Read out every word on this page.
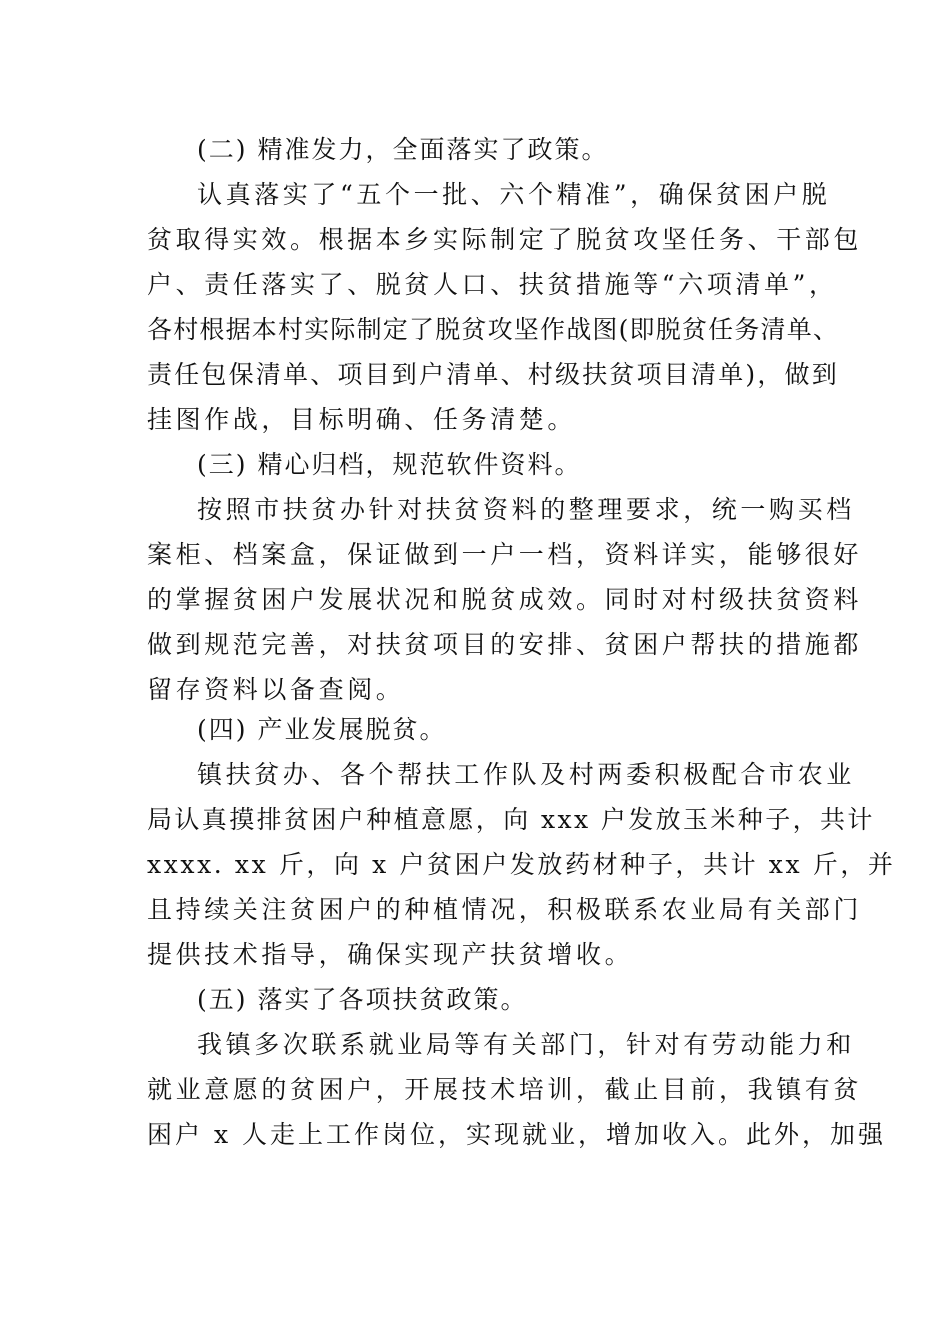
(二) 精准发力，全面落实了政策。
认真落实了“五个一批、六个精准”，确保贫困户脱
贫取得实效。根据本乡实际制定了脱贫攻坚任务、干部包
户、责任落实了、脱贫人口、扶贫措施等“六项清单”，
各村根据本村实际制定了脱贫攻坚作战图(即脱贫任务清单、
责任包保清单、项目到户清单、村级扶贫项目清单)，做到
挂图作战，目标明确、任务清楚。
(三) 精心归档，规范软件资料。
按照市扶贫办针对扶贫资料的整理要求，统一购买档
案柜、档案盒，保证做到一户一档，资料详实，能够很好
的掌握贫困户发展状况和脱贫成效。同时对村级扶贫资料
做到规范完善，对扶贫项目的安排、贫困户帮扶的措施都
留存资料以备查阅。
(四) 产业发展脱贫。
镇扶贫办、各个帮扶工作队及村两委积极配合市农业
局认真摸排贫困户种植意愿，向 xxx 户发放玉米种子，共计
xxxx. xx 斤，向 x 户贫困户发放药材种子，共计 xx 斤，并
且持续关注贫困户的种植情况，积极联系农业局有关部门
提供技术指导，确保实现产扶贫增收。
(五) 落实了各项扶贫政策。
我镇多次联系就业局等有关部门，针对有劳动能力和
就业意愿的贫困户，开展技术培训，截止目前，我镇有贫
困户 x 人走上工作岗位，实现就业，增加收入。此外，加强
